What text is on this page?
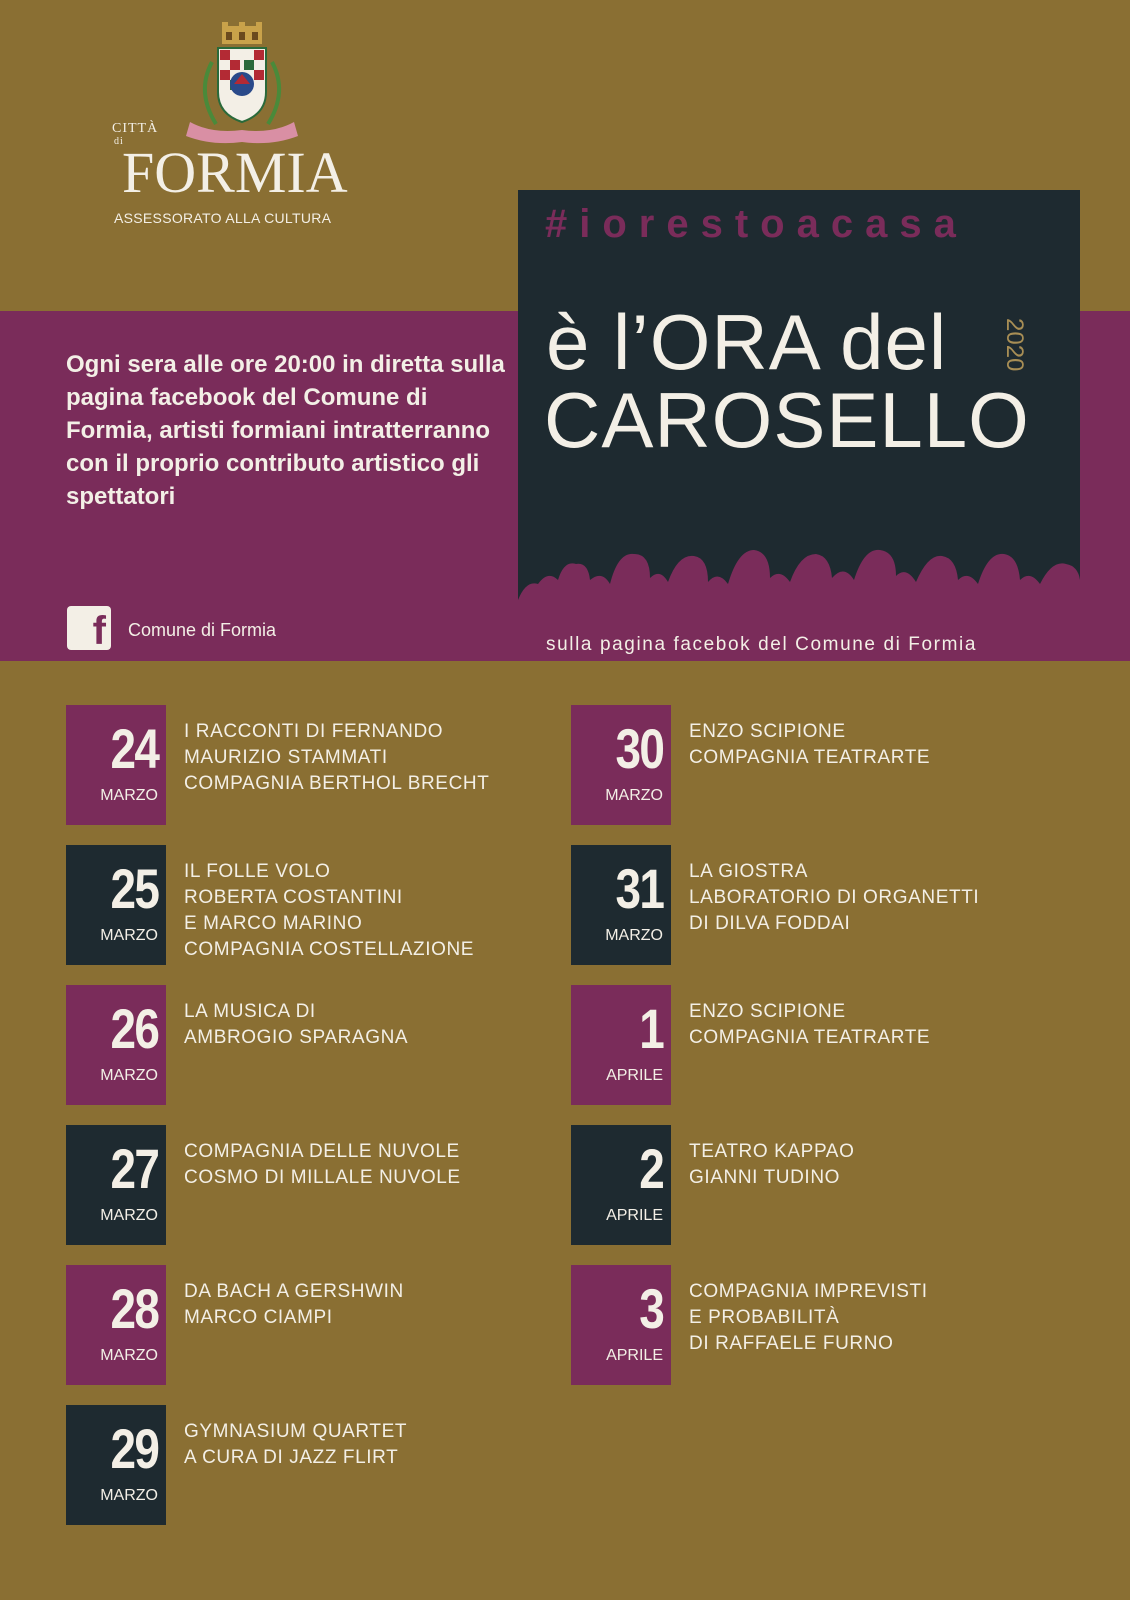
CITTÀ
di
FORMIA
ASSESSORATO ALLA CULTURA
Ogni sera alle ore 20:00 in diretta sulla pagina facebook del Comune di Formia, artisti formiani intratterranno con il proprio contributo artistico gli spettatori
f Comune di Formia
#iorestoacasa
è l’ORA del 2020
CAROSELLO
sulla pagina facebok del Comune di Formia
24
MARZO
I RACCONTI DI FERNANDO
MAURIZIO STAMMATI
COMPAGNIA BERTHOL BRECHT
25
MARZO
IL FOLLE VOLO
ROBERTA COSTANTINI
E MARCO MARINO
COMPAGNIA COSTELLAZIONE
26
MARZO
LA MUSICA DI
AMBROGIO SPARAGNA
27
MARZO
COMPAGNIA DELLE NUVOLE
COSMO DI MILLALE NUVOLE
28
MARZO
DA BACH A GERSHWIN
MARCO CIAMPI
29
MARZO
GYMNASIUM QUARTET
A CURA DI JAZZ FLIRT
30
MARZO
ENZO SCIPIONE
COMPAGNIA TEATRARTE
31
MARZO
LA GIOSTRA
LABORATORIO DI ORGANETTI
DI DILVA FODDAI
1
APRILE
ENZO SCIPIONE
COMPAGNIA TEATRARTE
2
APRILE
TEATRO KAPPAO
GIANNI TUDINO
3
APRILE
COMPAGNIA IMPREVISTI
E PROBABILITÀ
DI RAFFAELE FURNO
